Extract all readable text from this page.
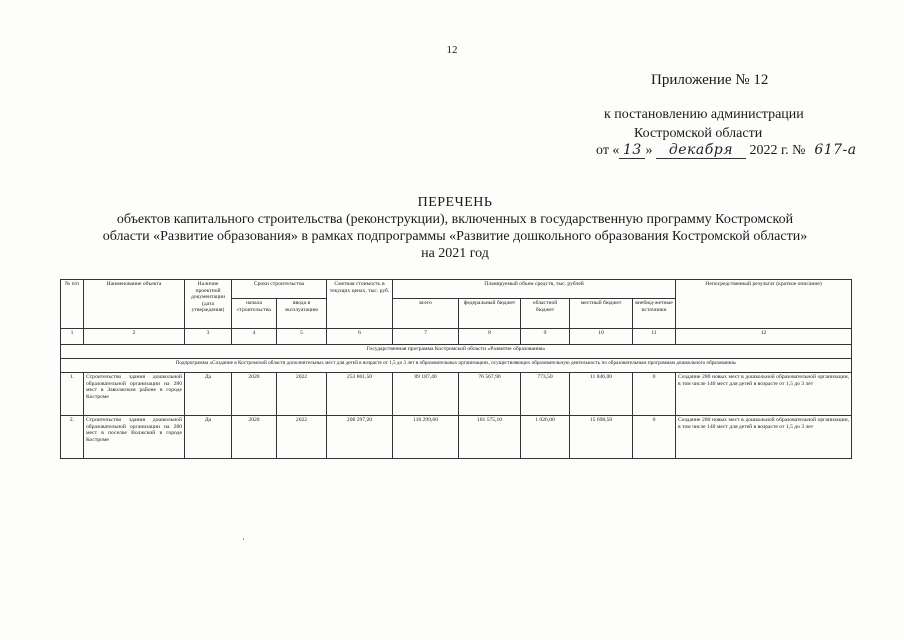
12
Приложение № 12
к постановлению администрации
Костромской области
от « 13 » декабря 2022 г. № 617-а
ПЕРЕЧЕНЬ
объектов капитального строительства (реконструкции), включенных в государственную программу Костромской
области «Развитие образования» в рамках подпрограммы «Развитие дошкольного образования Костромской области»
на 2021 год
№ п/п	Наименование объекта	Наличие проектной документации (дата утверждения)	Сроки строительства		Сметная стоимость в текущих ценах, тыс. руб.	Планируемый объем средств, тыс. рублей					Непосредственный результат (краткое описание)
			начала строительства	ввода в эксплуатацию		всего	федеральный бюджет	областной бюджет	местный бюджет	внебюд-жетные источники	
1	2	3	4	5	6	7	8	9	10	11	12
Государственная программа Костромской области «Развитие образования»											
Подпрограмма «Создание в Костромской области дополнительных мест для детей в возрасте от 1,5 до 3 лет в образовательных организациях, осуществляющих образовательную деятельность по образовательным программам дошкольного образования»											
1.	Строительство здания дошкольной образовательной организации на 280 мест в Заволжском районе в городе Костроме	Да	2020	2022	253 861,50	89 187,40	76 567,90	773,50	11 846,00	0	Создание 280 новых мест в дошкольной образовательной организации, в том числе 140 мест для детей в возрасте от 1,5 до 3 лет
2.	Строительство здания дошкольной образовательной организации на 280 мест в поселке Волжский в городе Костроме	Да	2020	2022	208 297,20	118 299,60	101 575,10	1 026,00	15 698,50	0	Создание 280 новых мест в дошкольной образовательной организации, в том числе 140 мест для детей в возрасте от 1,5 до 3 лет
